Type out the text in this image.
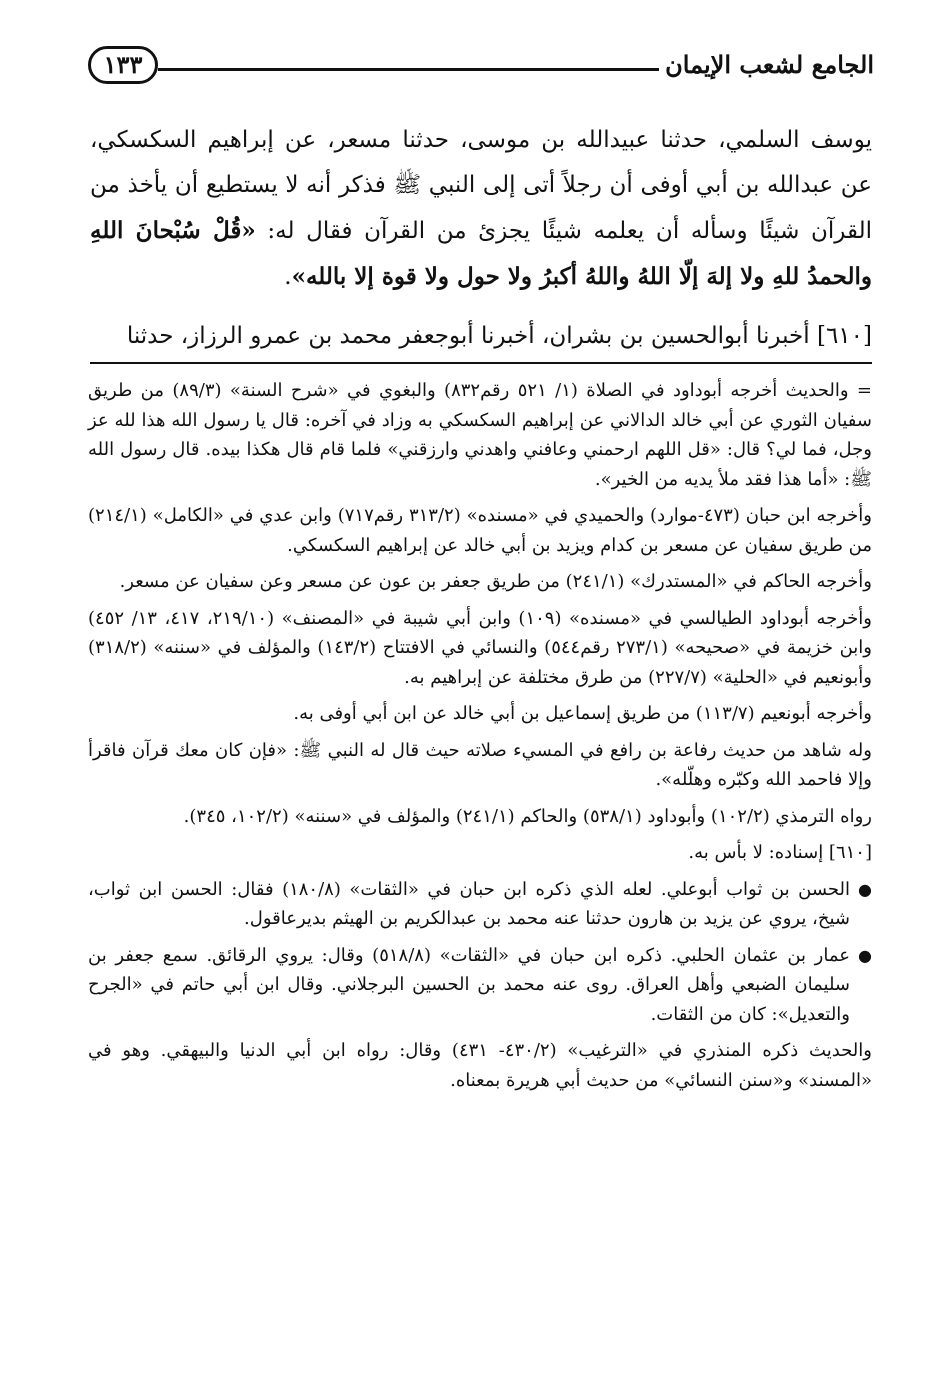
الجامع لشعب الإيمان
١٣٣

يوسف السلمي، حدثنا عبيدالله بن موسى، حدثنا مسعر، عن إبراهيم السكسكي، عن عبدالله بن أبي أوفى أن رجلاً أتى إلى النبي ﷺ فذكر أنه لا يستطيع أن يأخذ من القرآن شيئًا وسأله أن يعلمه شيئًا يجزئ من القرآن فقال له: «قُلْ سُبْحانَ اللهِ والحمدُ للهِ ولا إلهَ إلّا اللهُ واللهُ أكبرُ ولا حول ولا قوة إلا بالله».

[٦١٠] أخبرنا أبوالحسين بن بشران، أخبرنا أبوجعفر محمد بن عمرو الرزاز، حدثنا

= والحديث أخرجه أبوداود في الصلاة (١/ ٥٢١ رقم٨٣٢) والبغوي في «شرح السنة» (٨٩/٣) من طريق سفيان الثوري عن أبي خالد الدالاني عن إبراهيم السكسكي به وزاد في آخره: قال يا رسول الله هذا لله عز وجل، فما لي؟ قال: «قل اللهم ارحمني وعافني واهدني وارزقني» فلما قام قال هكذا بيده. قال رسول الله ﷺ: «أما هذا فقد ملأ يديه من الخير».

وأخرجه ابن حبان (٤٧٣-موارد) والحميدي في «مسنده» (٣١٣/٢ رقم٧١٧) وابن عدي في «الكامل» (٢١٤/١) من طريق سفيان عن مسعر بن كدام ويزيد بن أبي خالد عن إبراهيم السكسكي.

وأخرجه الحاكم في «المستدرك» (٢٤١/١) من طريق جعفر بن عون عن مسعر وعن سفيان عن مسعر.

وأخرجه أبوداود الطيالسي في «مسنده» (١٠٩) وابن أبي شيبة في «المصنف» (٢١٩/١٠، ٤١٧، ١٣/ ٤٥٢) وابن خزيمة في «صحيحه» (٢٧٣/١ رقم٥٤٤) والنسائي في الافتتاح (١٤٣/٢) والمؤلف في «سننه» (٣١٨/٢) وأبونعيم في «الحلية» (٢٢٧/٧) من طرق مختلفة عن إبراهيم به.

وأخرجه أبونعيم (١١٣/٧) من طريق إسماعيل بن أبي خالد عن ابن أبي أوفى به.

وله شاهد من حديث رفاعة بن رافع في المسيء صلاته حيث قال له النبي ﷺ: «فإن كان معك قرآن فاقرأ وإلا فاحمد الله وكبّره وهلّله».

رواه الترمذي (١٠٢/٢) وأبوداود (٥٣٨/١) والحاكم (٢٤١/١) والمؤلف في «سننه» (١٠٢/٢، ٣٤٥).

[٦١٠] إسناده: لا بأس به.

●
الحسن بن ثواب أبوعلي. لعله الذي ذكره ابن حبان في «الثقات» (١٨٠/٨) فقال: الحسن ابن ثواب، شيخ، يروي عن يزيد بن هارون حدثنا عنه محمد بن عبدالكريم بن الهيثم بديرعاقول.

●
عمار بن عثمان الحلبي. ذكره ابن حبان في «الثقات» (٥١٨/٨) وقال: يروي الرقائق. سمع جعفر بن سليمان الضبعي وأهل العراق. روى عنه محمد بن الحسين البرجلاني. وقال ابن أبي حاتم في «الجرح والتعديل»: كان من الثقات.

والحديث ذكره المنذري في «الترغيب» (٤٣٠/٢- ٤٣١) وقال: رواه ابن أبي الدنيا والبيهقي. وهو في «المسند» و«سنن النسائي» من حديث أبي هريرة بمعناه.
